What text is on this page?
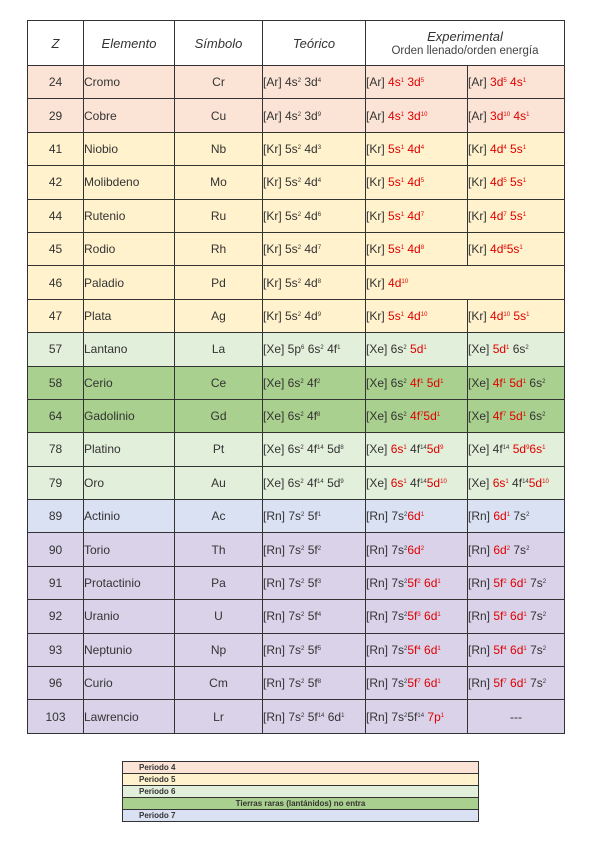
Z	Elemento	Símbolo	Teórico	Experimental
Orden llenado/orden energía	

24	Cromo	Cr	[Ar] $4s^2$ $3d^4$	[Ar] $4s^1$ $3d^5$	[Ar] $3d^5$ $4s^1$
29	Cobre	Cu	[Ar] $4s^2$ $3d^9$	[Ar] $4s^1$ $3d^{10}$	[Ar] $3d^{10}$ $4s^1$
41	Niobio	Nb	[Kr] $5s^2$ $4d^3$	[Kr] $5s^1$ $4d^4$	[Kr] $4d^4$ $5s^1$
42	Molibdeno	Mo	[Kr] $5s^2$ $4d^4$	[Kr] $5s^1$ $4d^5$	[Kr] $4d^5$ $5s^1$
44	Rutenio	Ru	[Kr] $5s^2$ $4d^6$	[Kr] $5s^1$ $4d^7$	[Kr] $4d^7$ $5s^1$
45	Rodio	Rh	[Kr] $5s^2$ $4d^7$	[Kr] $5s^1$ $4d^8$	[Kr] $4d^85s^1$
46	Paladio	Pd	[Kr] $5s^2$ $4d^8$	[Kr] $4d^{10}$
47	Plata	Ag	[Kr] $5s^2$ $4d^9$	[Kr] $5s^1$ $4d^{10}$	[Kr] $4d^{10}$ $5s^1$
57	Lantano	La	[Xe] $5p^6$ $6s^2$ $4f^1$	[Xe] $6s^2$ $5d^1$	[Xe] $5d^1$ $6s^2$
58	Cerio	Ce	[Xe] $6s^2$ $4f^2$	[Xe] $6s^2$ $4f^1$ $5d^1$	[Xe] $4f^1$ $5d^1$ $6s^2$
64	Gadolinio	Gd	[Xe] $6s^2$ $4f^8$	[Xe] $6s^2$ $4f^75d^1$	[Xe] $4f^7$ $5d^1$ $6s^2$
78	Platino	Pt	[Xe] $6s^2$ $4f^{14}$ $5d^8$	[Xe] $6s^1$ $4f^{14}5d^9$	[Xe] $4f^{14}$ $5d^96s^1$
79	Oro	Au	[Xe] $6s^2$ $4f^{14}$ $5d^9$	[Xe] $6s^1$ $4f^{14}5d^{10}$	[Xe] $6s^1$ $4f^{14}5d^{10}$
89	Actinio	Ac	[Rn] $7s^2$ $5f^1$	[Rn] $7s^26d^1$	[Rn] $6d^1$ $7s^2$
90	Torio	Th	[Rn] $7s^2$ $5f^2$	[Rn] $7s^26d^2$	[Rn] $6d^2$ $7s^2$
91	Protactinio	Pa	[Rn] $7s^2$ $5f^3$	[Rn] $7s^25f^2$ $6d^1$	[Rn] $5f^2$ $6d^1$ $7s^2$
92	Uranio	U	[Rn] $7s^2$ $5f^4$	[Rn] $7s^25f^3$ $6d^1$	[Rn] $5f^3$ $6d^1$ $7s^2$
93	Neptunio	Np	[Rn] $7s^2$ $5f^5$	[Rn] $7s^25f^4$ $6d^1$	[Rn] $5f^4$ $6d^1$ $7s^2$
96	Curio	Cm	[Rn] $7s^2$ $5f^8$	[Rn] $7s^25f^7$ $6d^1$	[Rn] $5f^7$ $6d^1$ $7s^2$
103	Lawrencio	Lr	[Rn] $7s^2$ $5f^{14}$ $6d^1$	[Rn] $7s^25f^{14}$ $7p^1$	---
Periodo 4
Periodo 5
Periodo 6
Tierras raras (lantánidos) no entra
Periodo 7
